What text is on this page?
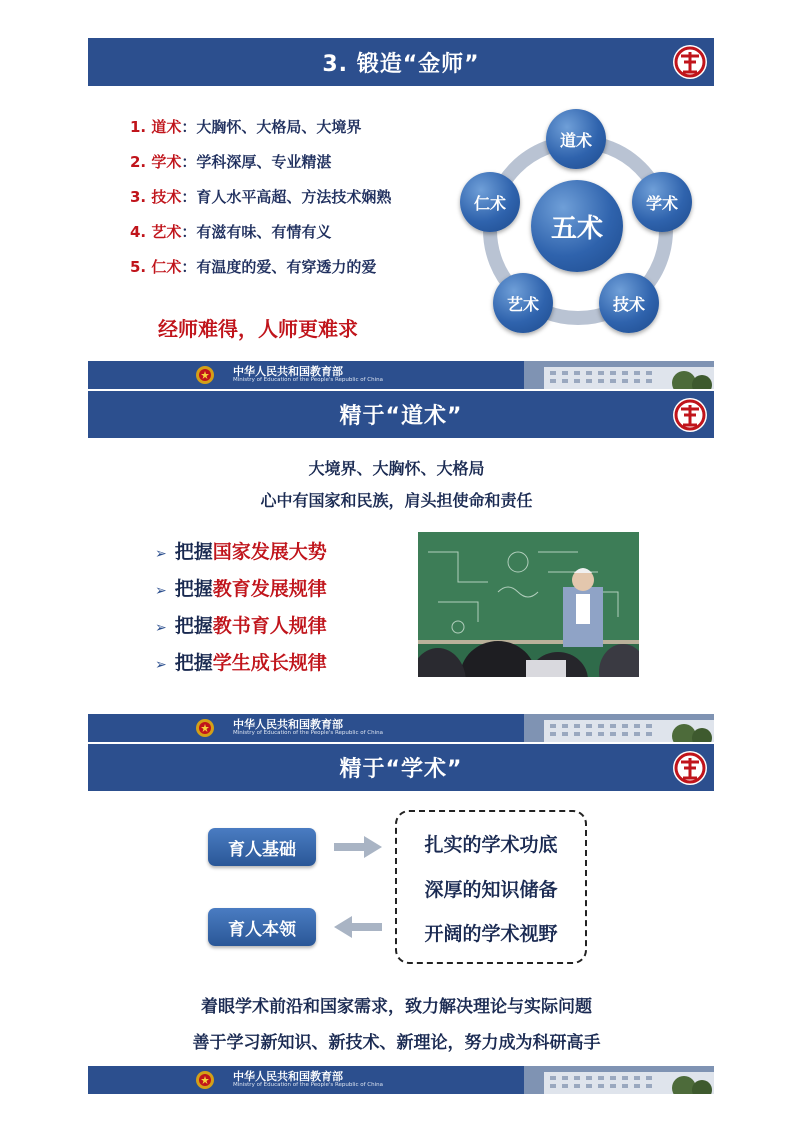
3. 锻造“金师”
1. 道术：大胸怀、大格局、大境界
2. 学术：学科深厚、专业精湛
3. 技术：育人水平高超、方法技术娴熟
4. 艺术：有滋有味、有情有义
5. 仁术：有温度的爱、有穿透力的爱
经师难得，人师更难求
五术
道术
学术
技术
艺术
仁术
中华人民共和国教育部
Ministry of Education of the People's Republic of China
精于“道术”
大境界、大胸怀、大格局
心中有国家和民族，肩头担使命和责任
➢ 把握国家发展大势
➢ 把握教育发展规律
➢ 把握教书育人规律
➢ 把握学生成长规律
中华人民共和国教育部
Ministry of Education of the People's Republic of China
精于“学术”
育人基础
育人本领
扎实的学术功底
深厚的知识储备
开阔的学术视野
着眼学术前沿和国家需求，致力解决理论与实际问题
善于学习新知识、新技术、新理论，努力成为科研高手
中华人民共和国教育部
Ministry of Education of the People's Republic of China
